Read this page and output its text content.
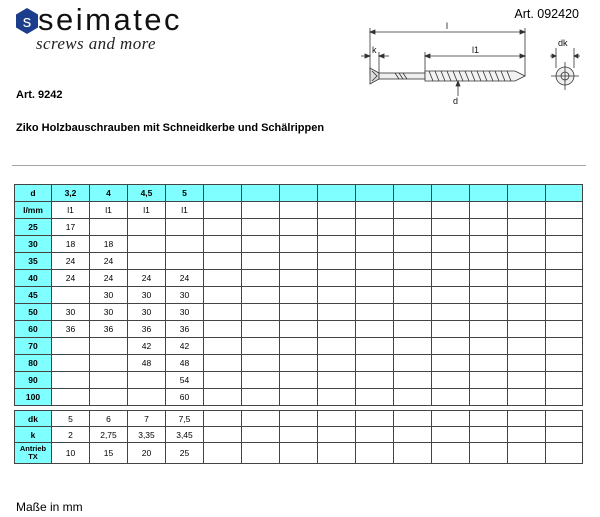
s seimatec
screws and more
Art. 092420
Art. 9242
Ziko Holzbauschrauben mit Schneidkerbe und Schälrippen
l
l1
k
dk
d
d	3,2	4	4,5	5										
l/mm	l1	l1	l1	l1										
25	17													
30	18	18												
35	24	24												
40	24	24	24	24										
45		30	30	30										
50	30	30	30	30										
60	36	36	36	36										
70			42	42										
80			48	48										
90				54										
100				60										
dk	5	6	7	7,5										
k	2	2,75	3,35	3,45										
Antrieb TX	10	15	20	25										
Maße in mm
